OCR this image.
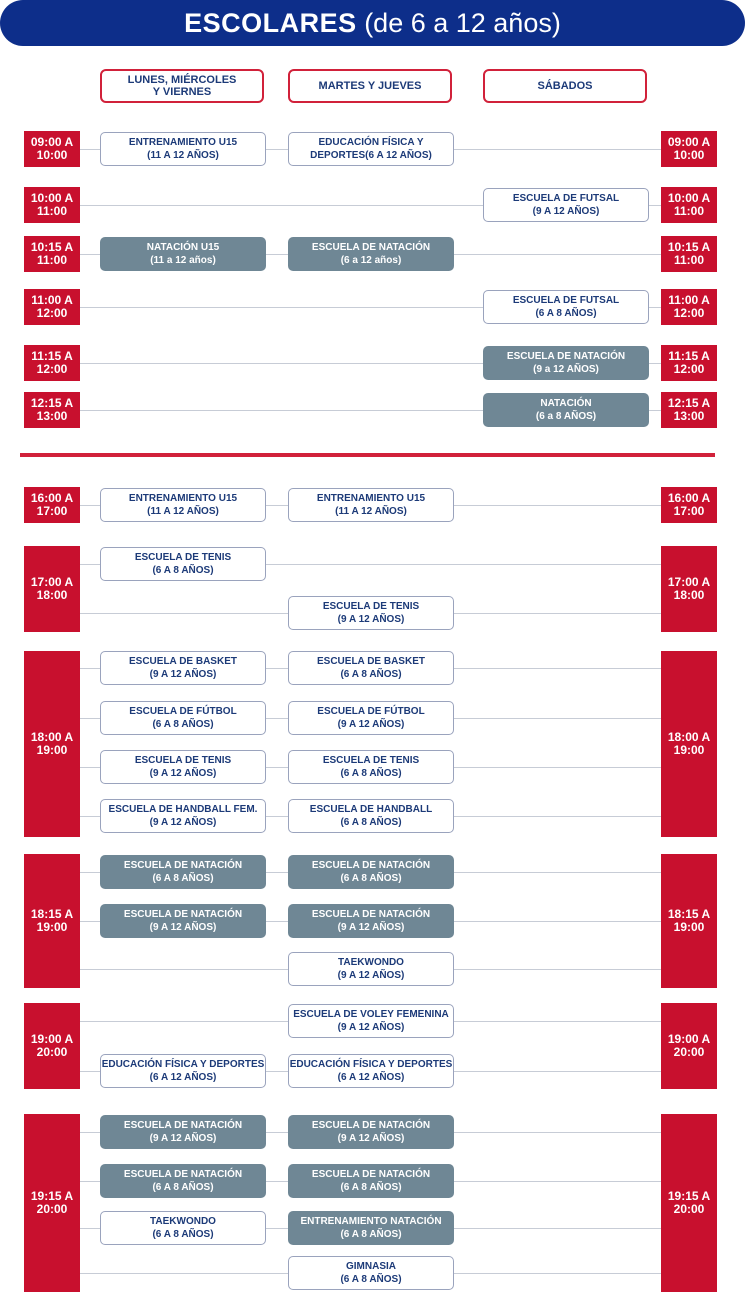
ESCOLARES (de 6 a 12 años)
LUNES, MIÉRCOLES
Y VIERNES	MARTES Y JUEVES	SÁBADOS
09:00 A
10:00
09:00 A
10:00
ENTRENAMIENTO U15
(11 A 12 AÑOS)
EDUCACIÓN FÍSICA Y
DEPORTES(6 A 12 AÑOS)
10:00 A
11:00
10:00 A
11:00
ESCUELA DE FUTSAL
(9 A 12 AÑOS)
10:15 A
11:00
10:15 A
11:00
NATACIÓN U15
(11 a 12 años)
ESCUELA DE NATACIÓN
(6 a 12 años)
11:00 A
12:00
11:00 A
12:00
ESCUELA DE FUTSAL
(6 A 8 AÑOS)
11:15 A
12:00
11:15 A
12:00
ESCUELA DE NATACIÓN
(9 a 12 AÑOS)
12:15 A
13:00
12:15 A
13:00
NATACIÓN
(6 a 8 AÑOS)
16:00 A
17:00
16:00 A
17:00
ENTRENAMIENTO U15
(11 A 12 AÑOS)
ENTRENAMIENTO U15
(11 A 12 AÑOS)
17:00 A
18:00
17:00 A
18:00
ESCUELA DE TENIS
(6 A 8 AÑOS)
ESCUELA DE TENIS
(9 A 12 AÑOS)
18:00 A
19:00
18:00 A
19:00
ESCUELA DE BASKET
(9 A 12 AÑOS)
ESCUELA DE BASKET
(6 A 8 AÑOS)
ESCUELA DE FÚTBOL
(6 A 8 AÑOS)
ESCUELA DE FÚTBOL
(9 A 12 AÑOS)
ESCUELA DE TENIS
(9 A 12 AÑOS)
ESCUELA DE TENIS
(6 A 8 AÑOS)
ESCUELA DE HANDBALL FEM.
(9 A 12 AÑOS)
ESCUELA DE HANDBALL
(6 A 8 AÑOS)
18:15 A
19:00
18:15 A
19:00
ESCUELA DE NATACIÓN
(6 A 8 AÑOS)
ESCUELA DE NATACIÓN
(6 A 8 AÑOS)
ESCUELA DE NATACIÓN
(9 A 12 AÑOS)
ESCUELA DE NATACIÓN
(9 A 12 AÑOS)
TAEKWONDO
(9 A 12 AÑOS)
19:00 A
20:00
19:00 A
20:00
ESCUELA DE VOLEY FEMENINA
(9 A 12 AÑOS)
EDUCACIÓN FÍSICA Y DEPORTES
(6 A 12 AÑOS)
EDUCACIÓN FÍSICA Y DEPORTES
(6 A 12 AÑOS)
19:15 A
20:00
19:15 A
20:00
ESCUELA DE NATACIÓN
(9 A 12 AÑOS)
ESCUELA DE NATACIÓN
(9 A 12 AÑOS)
ESCUELA DE NATACIÓN
(6 A 8 AÑOS)
ESCUELA DE NATACIÓN
(6 A 8 AÑOS)
TAEKWONDO
(6 A 8 AÑOS)
ENTRENAMIENTO NATACIÓN
(6 A 8 AÑOS)
GIMNASIA
(6 A 8 AÑOS)
